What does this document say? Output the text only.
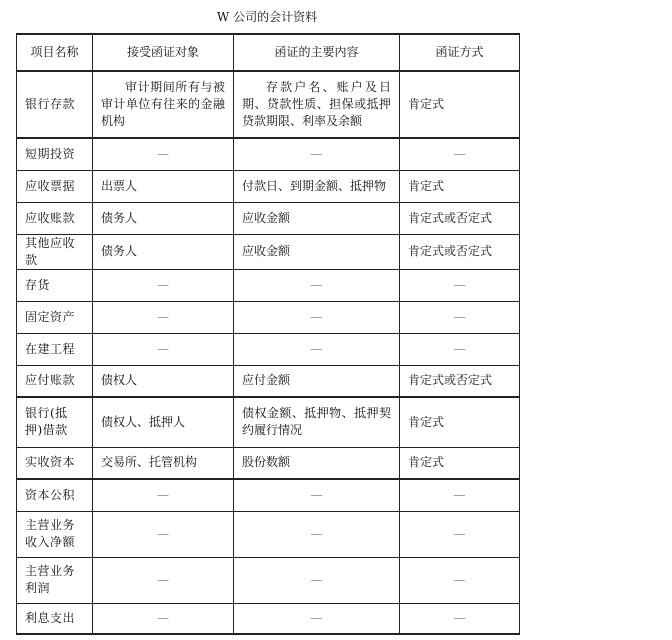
W 公司的会计资料
项目名称	接受函证对象	函证的主要内容	函证方式
银行存款	审计期间所有与被审计单位有往来的金融机构	存款户名、账户及日期、贷款性质、担保或抵押贷款期限、利率及余额	肯定式
短期投资	—	—	—
应收票据	出票人	付款日、到期金额、抵押物	肯定式
应收账款	债务人	应收金额	肯定式或否定式
其他应收款	债务人	应收金额	肯定式或否定式
存货	—	—	—
固定资产	—	—	—
在建工程	—	—	—
应付账款	债权人	应付金额	肯定式或否定式
银行(抵押)借款	债权人、抵押人	债权金额、抵押物、抵押契约履行情况	肯定式
实收资本	交易所、托管机构	股份数额	肯定式
资本公积	—	—	—
主营业务收入净额	—	—	—
主营业务利润	—	—	—
利息支出	—	—	—
